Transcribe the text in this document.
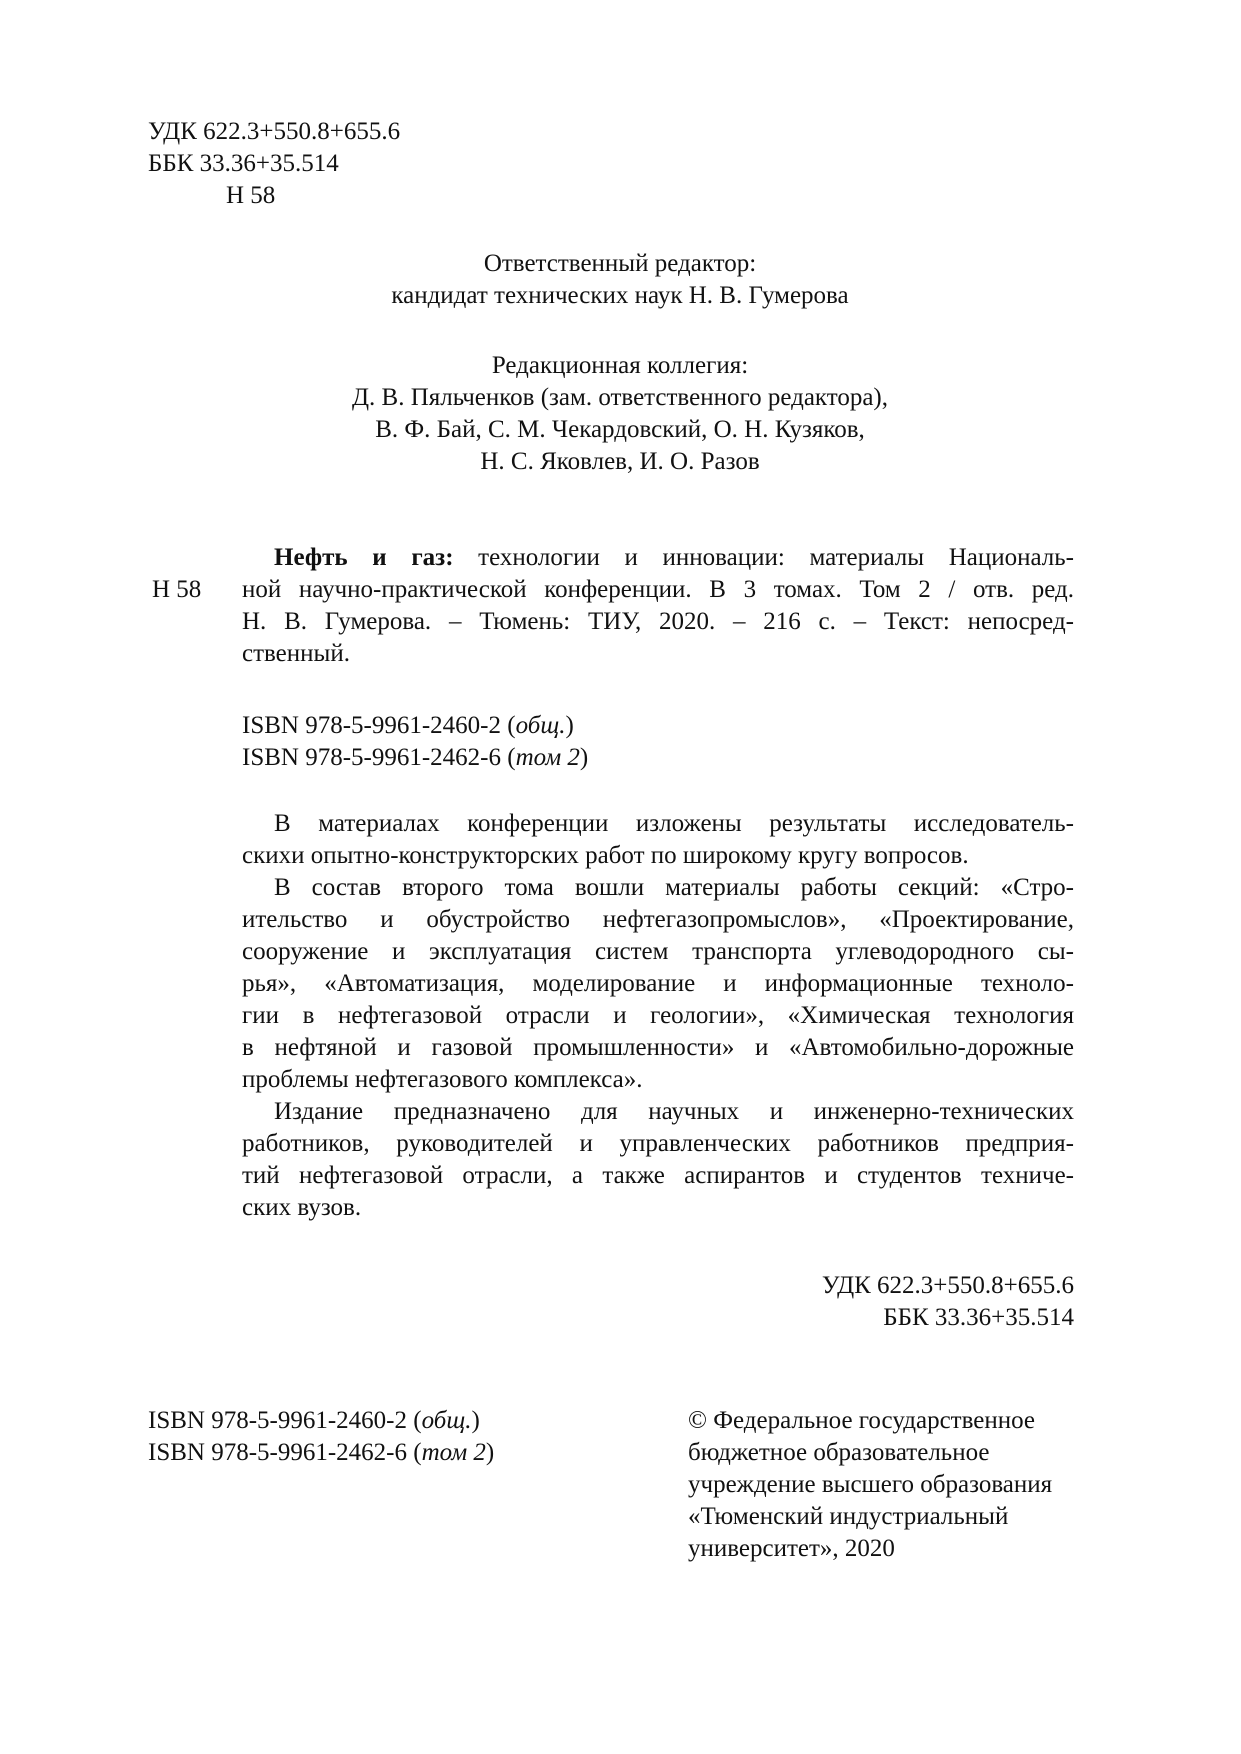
УДК 622.3+550.8+655.6
ББК 33.36+35.514
Н 58
Ответственный редактор:
кандидат технических наук Н. В. Гумерова
Редакционная коллегия:
Д. В. Пяльченков (зам. ответственного редактора),
В. Ф. Бай, С. М. Чекардовский, О. Н. Кузяков,
Н. С. Яковлев, И. О. Разов
Н 58
Нефть и газ: технологии и инновации: материалы Националь-
ной научно-практической конференции. В 3 томах. Том 2 / отв. ред.
Н. В. Гумерова. – Тюмень: ТИУ, 2020. – 216 с. – Текст: непосред-
ственный.
ISBN 978-5-9961-2460-2 (общ.)
ISBN 978-5-9961-2462-6 (том 2)
В материалах конференции изложены результаты исследователь-
скихи опытно-конструкторских работ по широкому кругу вопросов.
В состав второго тома вошли материалы работы секций: «Стро-
ительство и обустройство нефтегазопромыслов», «Проектирование,
сооружение и эксплуатация систем транспорта углеводородного сы-
рья», «Автоматизация, моделирование и информационные техноло-
гии в нефтегазовой отрасли и геологии», «Химическая технология
в нефтяной и газовой промышленности» и «Автомобильно-дорожные
проблемы нефтегазового комплекса».
Издание предназначено для научных и инженерно-технических
работников, руководителей и управленческих работников предприя-
тий нефтегазовой отрасли, а также аспирантов и студентов техниче-
ских вузов.
УДК 622.3+550.8+655.6
ББК 33.36+35.514
ISBN 978-5-9961-2460-2 (общ.)
ISBN 978-5-9961-2462-6 (том 2)
© Федеральное государственное
бюджетное образовательное
учреждение высшего образования
«Тюменский индустриальный
университет», 2020
